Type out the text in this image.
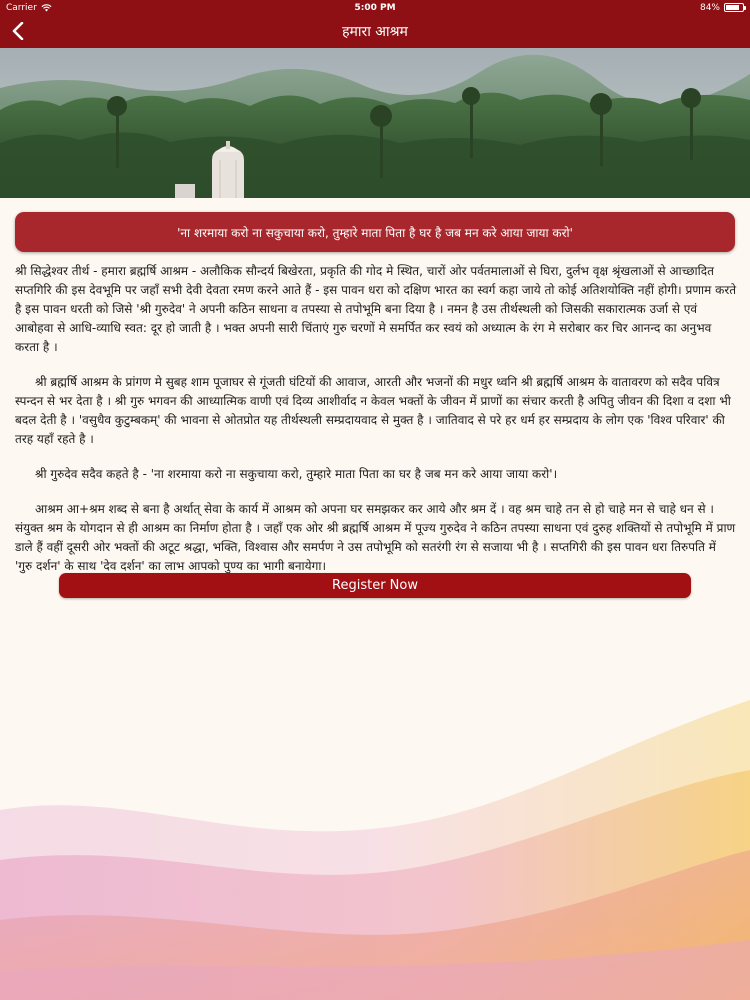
Carrier	5:00 PM	84%
हमारा आश्रम
'ना शरमाया करो ना सकुचाया करो, तुम्हारे माता पिता है घर है जब मन करे आया जाया करो'

श्री सिद्धेश्वर तीर्थ - हमारा ब्रह्मर्षि आश्रम - अलौकिक सौन्दर्य बिखेरता, प्रकृति की गोद मे स्थित, चारों ओर पर्वतमालाओं से घिरा, दुर्लभ वृक्ष श्रृंखलाओं से आच्छादित सप्तगिरि की इस देवभूमि पर जहाँ सभी देवी देवता रमण करने आते हैं - इस पावन धरा को दक्षिण भारत का स्वर्ग कहा जाये तो कोई अतिशयोक्ति नहीं होगी। प्रणाम करते है इस पावन धरती को जिसे 'श्री गुरुदेव' ने अपनी कठिन साधना व तपस्या से तपोभूमि बना दिया है । नमन है उस तीर्थस्थली को जिसकी सकारात्मक उर्जा से एवं आबोहवा से आधि-व्याधि स्वत: दूर हो जाती है । भक्त अपनी सारी चिंताएं गुरु चरणों मे समर्पित कर स्वयं को अध्यात्म के रंग मे सरोबार कर चिर आनन्द का अनुभव करता है ।

श्री ब्रह्मर्षि आश्रम के प्रांगण मे सुबह शाम पूजाघर से गूंजती घंटियों की आवाज, आरती और भजनों की मधुर ध्वनि श्री ब्रह्मर्षि आश्रम के वातावरण को सदैव पवित्र स्पन्दन से भर देता है । श्री गुरु भगवन की आध्यात्मिक वाणी एवं दिव्य आशीर्वाद न केवल भक्तों के जीवन में प्राणों का संचार करती है अपितु जीवन की दिशा व दशा भी बदल देती है । 'वसुधैव कुटुम्बकम्' की भावना से ओतप्रोत यह तीर्थस्थली सम्प्रदायवाद से मुक्त है । जातिवाद से परे हर धर्म हर सम्प्रदाय के लोग एक 'विश्व परिवार' की तरह यहाँ रहते है ।

श्री गुरुदेव सदैव कहते है - 'ना शरमाया करो ना सकुचाया करो, तुम्हारे माता पिता का घर है जब मन करे आया जाया करो'।

आश्रम आ+श्रम शब्द से बना है अर्थात् सेवा के कार्य में आश्रम को अपना घर समझकर कर आये और श्रम दें । वह श्रम चाहे तन से हो चाहे मन से चाहे धन से । संयुक्त श्रम के योगदान से ही आश्रम का निर्माण होता है । जहाँ एक ओर श्री ब्रह्मर्षि आश्रम में पूज्य गुरुदेव ने कठिन तपस्या साधना एवं दुरुह शक्तियों से तपोभूमि में प्राण डाले हैं वहीं दूसरी ओर भक्तों की अटूट श्रद्धा, भक्ति, विश्वास और समर्पण ने उस तपोभूमि को सतरंगी रंग से सजाया भी है । सप्तगिरी की इस पावन धरा तिरुपति में 'गुरु दर्शन' के साथ 'देव दर्शन' का लाभ आपको पुण्य का भागी बनायेगा।

Register Now
